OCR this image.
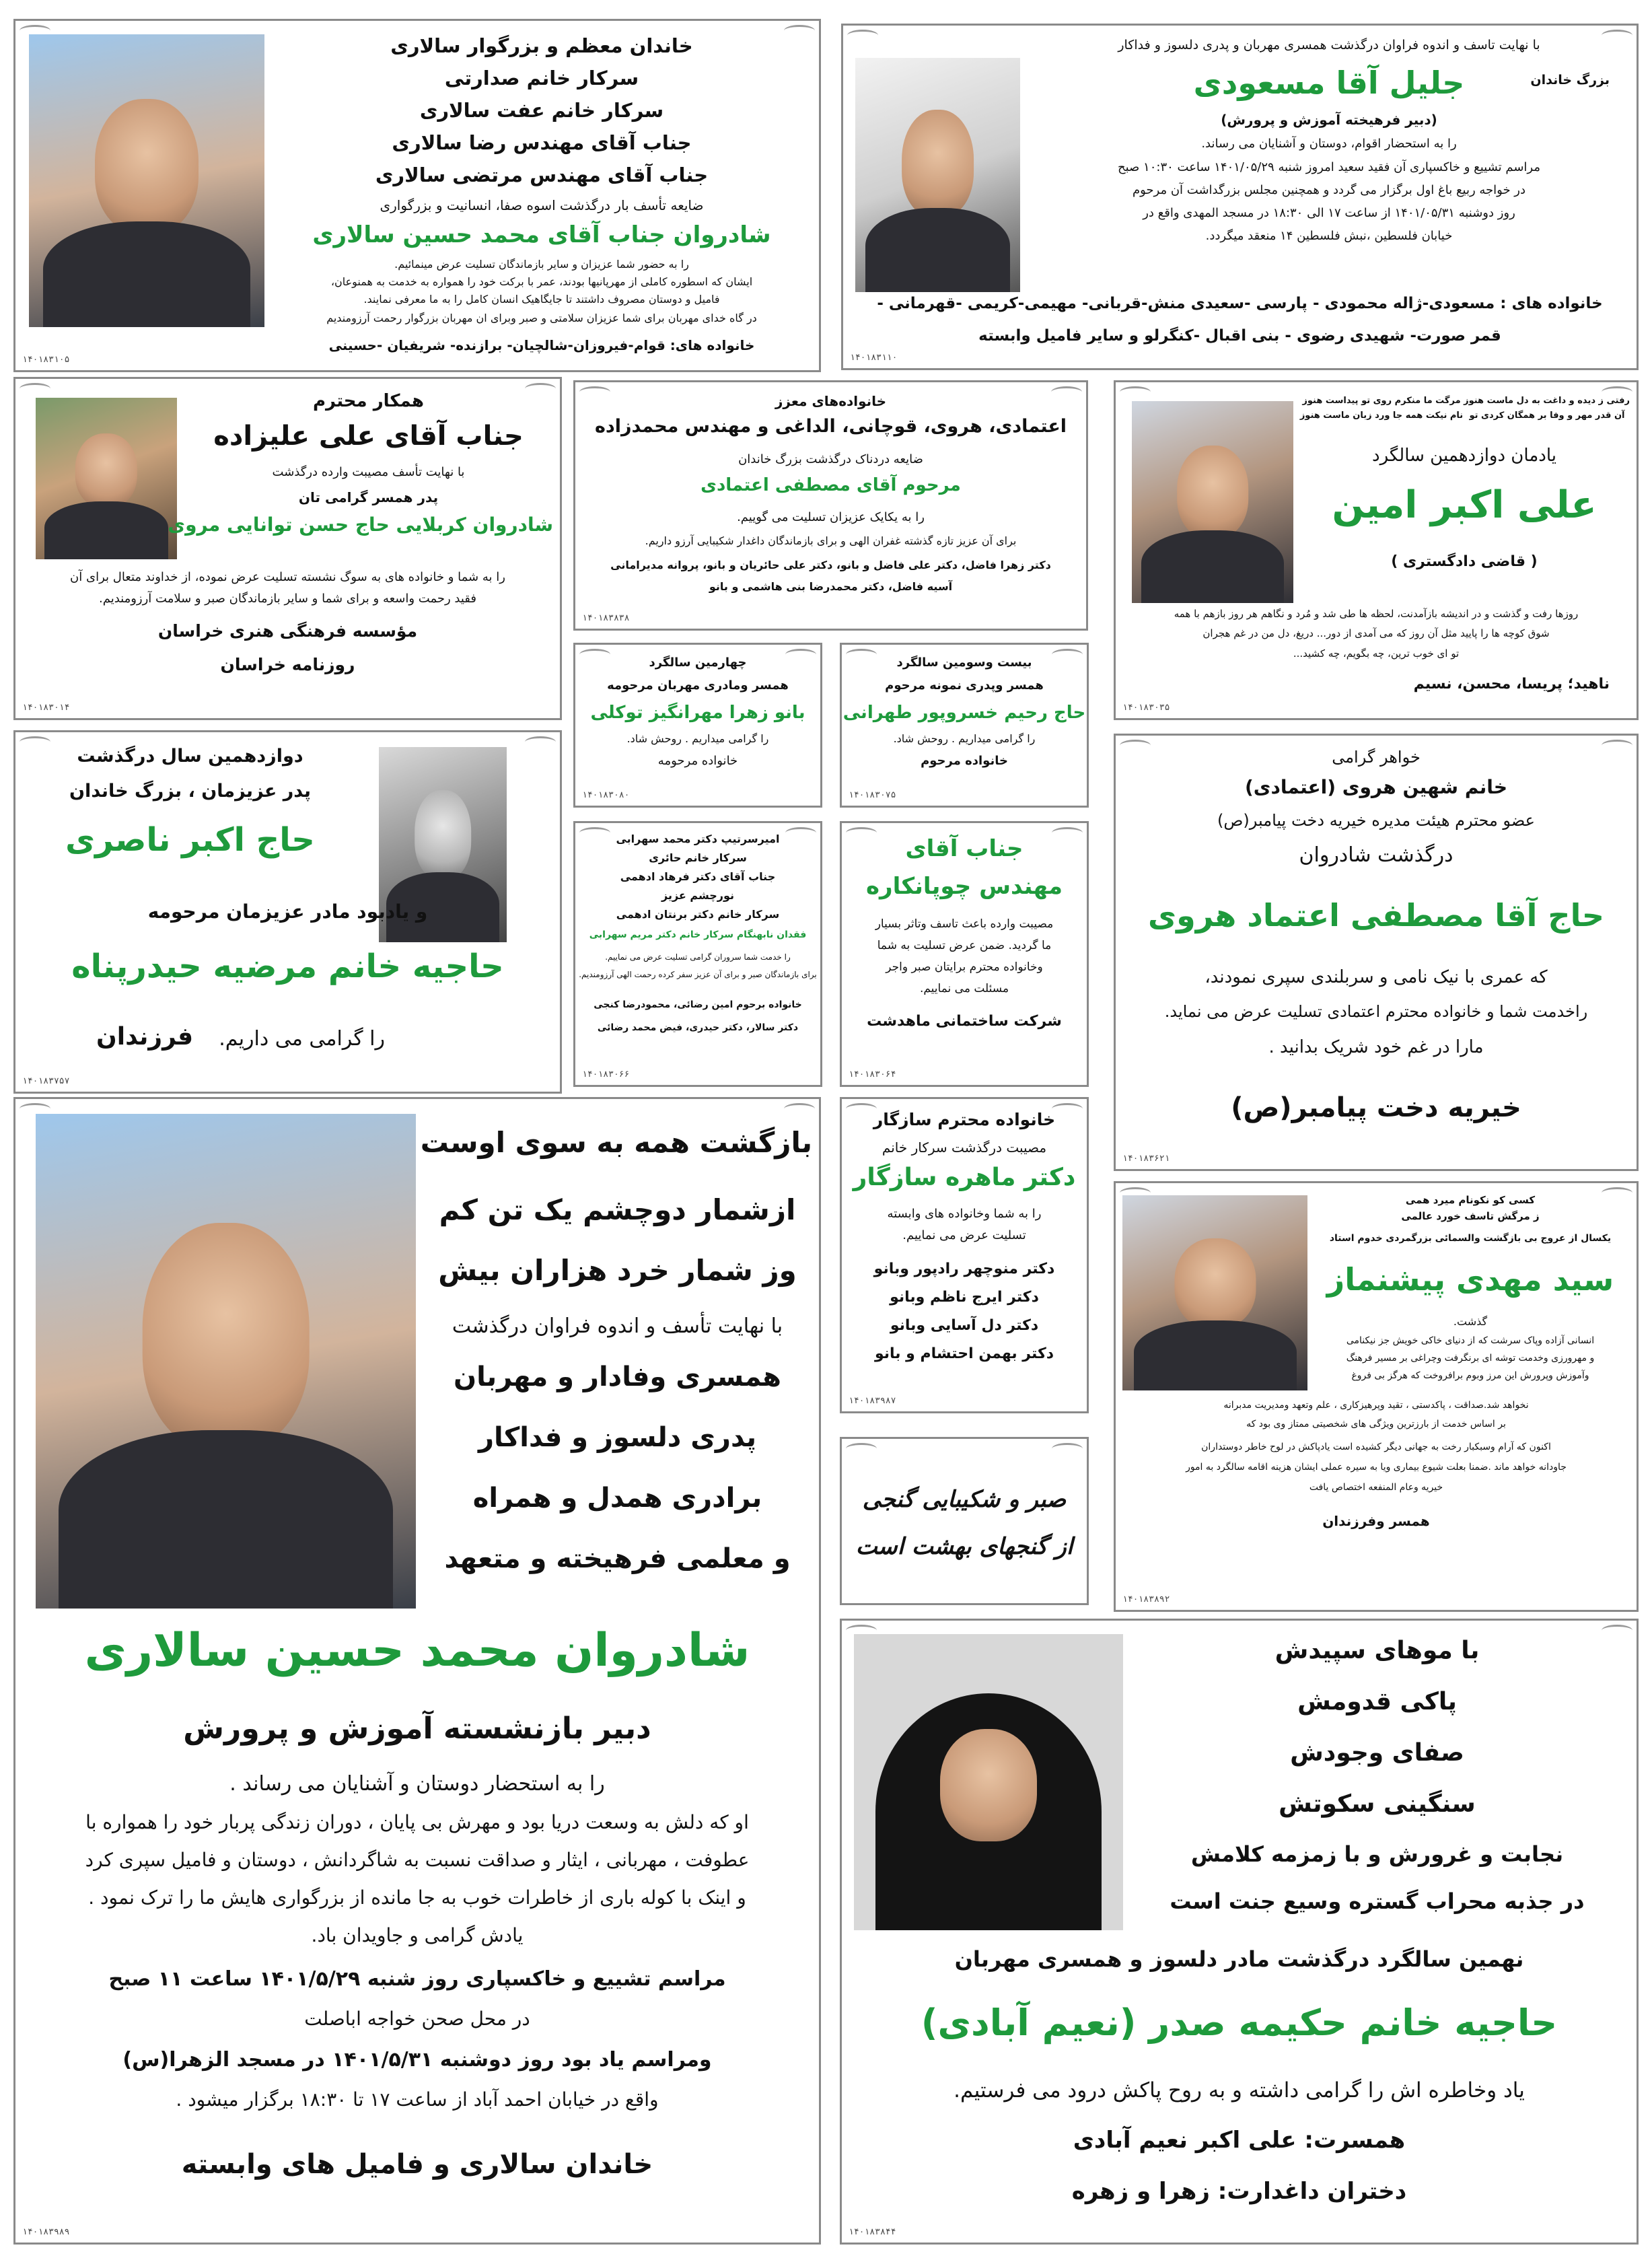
خاندان معظم و بزرگوار سالاری

سرکار خانم صدارتی

سرکار خانم عفت سالاری

جناب آقای مهندس رضا سالاری

جناب آقای مهندس مرتضی سالاری

ضایعه تأسف بار درگذشت اسوه صفا، انسانیت و بزرگواری

شادروان جناب آقای محمد حسین سالاری

را به حضور شما عزیزان و سایر بازماندگان تسلیت عرض مینمائیم.

ایشان که اسطوره کاملی از مهرپانیها بودند، عمر با برکت خود را همواره به خدمت به همنوعان،

فامیل و دوستان مصروف داشتند تا جایگاهیک انسان کامل را به ما معرفی نمایند.

در گاه خدای مهربان برای شما عزیزان سلامتی و صبر وبرای ان مهربان بزرگوار رحمت آرزومندیم

خانواده های: قوام-فیروزان-شالچیان- برازنده- شریفیان -حسینی

۱۴۰۱۸۳۱۰۵

با نهایت تاسف و اندوه فراوان درگذشت همسری مهربان و پدری دلسوز و فداکار

بزرگ خاندان

جلیل آقا مسعودی

(دبیر فرهیخته آموزش و پرورش)

را به استحضار اقوام، دوستان و آشنایان می رساند.

مراسم تشییع و خاکسپاری آن فقید سعید امروز شنبه ۱۴۰۱/۰۵/۲۹ ساعت ۱۰:۳۰ صبح

در خواجه ربیع باغ اول برگزار می گردد و همچنین مجلس بزرگداشت آن مرحوم

روز دوشنبه ۱۴۰۱/۰۵/۳۱ از ساعت ۱۷ الی ۱۸:۳۰ در مسجد المهدی واقع در

خیابان فلسطین ،نبش فلسطین ۱۴ منعقد میگردد.

خانواده های : مسعودی-ژاله محمودی - پارسی -سعیدی منش-قربانی- مهیمی-کریمی -قهرمانی -

قمر صورت- شهیدی رضوی - بنی اقبال -کنگرلو و سایر فامیل وابسته

۱۴۰۱۸۳۱۱۰

همکار محترم

جناب آقای علی علیزاده

با نهایت تأسف مصیبت وارده درگذشت

پدر همسر گرامی تان

شادروان کربلایی حاج حسن توانایی مروی

را به شما و خانواده های به سوگ نشسته تسلیت عرض نموده، از خداوند متعال برای آن

فقید رحمت واسعه و برای شما و سایر بازماندگان صبر و سلامت آرزومندیم.

مؤسسه فرهنگی هنری خراسان

روزنامه خراسان

۱۴۰۱۸۳۰۱۴

خانواده‌های معزز

اعتمادی، هروی، قوچانی، الداغی و مهندس محمدزاده

ضایعه دردناک درگذشت بزرگ خاندان

مرحوم آقای مصطفی اعتمادی

را به یکایک عزیزان تسلیت می گوییم.

برای آن عزیز تازه گذشته غفران الهی و برای بازماندگان داغدار شکیبایی آرزو داریم.

دکتر زهرا فاضل، دکتر علی فاضل و بانو، دکتر علی حائریان و بانو، پروانه مدیرامانی

آسیه فاضل، دکتر محمدرضا بنی هاشمی و بانو

۱۴۰۱۸۳۸۳۸

رفتی ز دیده و داغت به دل ماست هنوز

مرگت ما منکرم روی تو پیداست هنوز

آن قدر مهر و وفا بر همگان کردی تو

نام نیکت همه جا ورد زبان ماست هنوز

یادمان دوازدهمین سالگرد

علی اکبر امین

( قاضی دادگستری )

روزها رفت و گذشت و در اندیشه بازآمدنت، لحظه ها طی شد و مُرد و نگاهم هر روز بازهم با همه

شوق کوچه ها را پایید مثل آن روز که می آمدی از دور... دریغ، دل من در غم هجران

تو ای خوب ترین، چه بگویم، چه کشید...

ناهید؛ پریسا، محسن، نسیم

۱۴۰۱۸۳۰۳۵

چهارمین سالگرد

همسر ومادری مهربان مرحومه

بانو زهرا مهرانگیز توکلی

را گرامی میداریم . روحش شاد.

خانواده مرحومه

۱۴۰۱۸۳۰۸۰

بیست وسومین سالگرد

همسر وپدری نمونه مرحوم

حاج رحیم خسروپور طهرانی

را گرامی میداریم . روحش شاد.

خانواده مرحوم

۱۴۰۱۸۳۰۷۵

دوازدهمین سال درگذشت

پدر عزیزمان ، بزرگ خاندان

حاج اکبر ناصری

و یادبود مادر عزیزمان مرحومه

حاجیه خانم مرضیه حیدرپناه

را گرامی می داریم.

فرزندان

۱۴۰۱۸۳۷۵۷

امیرسرتیپ دکتر محمد سهرابی

سرکار خانم حائری

جناب آقای دکتر فرهاد ادهمی

نورچشم عزیز

سرکار خانم دکتر برنتان ادهمی

فقدان نابهنگام سرکار خانم دکتر مریم سهرابی

را خدمت شما سروران گرامی تسلیت عرض می نماییم.

برای بازماندگان صبر و برای آن عزیز سفر کرده رحمت الهی آرزومندیم.

خانواده برحوم امین رضائی، محمودرضا کنجی

دکتر سالار، دکتر حیدری، فیض محمد رضائی

۱۴۰۱۸۳۰۶۶

جناب آقای

مهندس چوپانکاره

مصیبت وارده باعث تاسف وتاثر بسیار

ما گردید. ضمن عرض تسلیت به شما

وخانواده محترم برایتان صبر واجر

مسئلت می نماییم.

شرکت ساختمانی ماهدشت

۱۴۰۱۸۳۰۶۴

خواهر گرامی

خانم شهین هروی (اعتمادی)

عضو محترم هیئت مدیره خیریه دخت پیامبر(ص)

درگذشت شادروان

حاج آقا مصطفی اعتماد هروی

که عمری با نیک نامی و سربلندی سپری نمودند،

راخدمت شما و خانواده محترم اعتمادی تسلیت عرض می نماید.

مارا در غم خود شریک بدانید .

خیریه دخت پیامبر(ص)

۱۴۰۱۸۳۶۲۱

بازگشت همه به سوی اوست

ازشمار دوچشم یک تن کم

وز شمار خرد هزاران بیش

با نهایت تأسف و اندوه فراوان درگذشت

همسری وفادار و مهربان

پدری دلسوز و فداکار

برادری همدل و همراه

و معلمی فرهیخته و متعهد

شادروان محمد حسین سالاری

دبیر بازنشسته آموزش و پرورش

را به استحضار دوستان و آشنایان می رساند .

او که دلش به وسعت دریا بود و مهرش بی پایان ، دوران زندگی پربار خود را همواره با

عطوفت ، مهربانی ، ایثار و صداقت نسبت به شاگردانش ، دوستان و فامیل سپری کرد

و اینک با کوله باری از خاطرات خوب به جا مانده از بزرگواری هایش ما را ترک نمود .

یادش گرامی و جاویدان باد.

مراسم تشییع و خاکسپاری روز شنبه ۱۴۰۱/۵/۲۹ ساعت ۱۱ صبح

در محل صحن خواجه اباصلت

ومراسم یاد بود روز دوشنبه ۱۴۰۱/۵/۳۱ در مسجد الزهرا(س)

واقع در خیابان احمد آباد از ساعت ۱۷ تا ۱۸:۳۰ برگزار میشود .

خاندان سالاری و فامیل های وابسته

۱۴۰۱۸۳۹۸۹

خانواده محترم سازگار

مصیبت درگذشت سرکار خانم

دکتر ماهره سازگار

را به شما وخانواده های وابسته

تسلیت عرض می نماییم.

دکتر منوچهر رادپور وبانو

دکتر ایرج ناظم وبانو

دکتر دل آسایی وبانو

دکتر بهمن احتشام و بانو

۱۴۰۱۸۳۹۸۷

کسی کو نکونام میرد همی

ز مرگش تاسف خورد عالمی

یکسال از عروج بی بازگشت والسمائی بزرگمردی خدوم استاد

سید مهدی پیشنماز

گذشت.

انسانی آزاده وپاک سرشت که از دنیای خاکی خویش جز نیکنامی

و مهرورزی وخدمت توشه ای برنگرفت وچراغی بر مسیر فرهنگ

وآموزش وپرورش این مرز وبوم برافروخت که هرگز بی فروغ

نخواهد شد.صداقت ، پاکدستی ، تقید وپرهیزکاری ، علم وتعهد ومدیریت مدبرانه

بر اساس خدمت از بارزترین ویژگی های شخصیتی ممتاز وی بود که

اکنون که آرام وسبکبار رخت به جهانی دیگر کشیده است یادپاکش در لوح خاطر دوستداران

جاودانه خواهد ماند .ضمنا بعلت شیوع بیماری ویا به سیره عملی ایشان هزینه اقامه سالگرد به امور

خیریه وعام المنفعه اختصاص یافت

همسر وفرزندان

۱۴۰۱۸۳۸۹۲

صبر و شکیبایی گنجی

از گنجهای بهشت است

با موهای سپیدش

پاکی قدومش

صفای وجودش

سنگینی سکوتش

نجابت و غرورش و با زمزمه کلامش

در جذبه محراب گستره وسیع جنت است

نهمین سالگرد درگذشت مادر دلسوز و همسری مهربان

حاجیه خانم حکیمه صدر (نعیم آبادی)

یاد وخاطره اش را گرامی داشته و به روح پاکش درود می فرستیم.

همسرت: علی اکبر نعیم آبادی

دختران داغدارت: زهرا و زهره

۱۴۰۱۸۳۸۴۴
